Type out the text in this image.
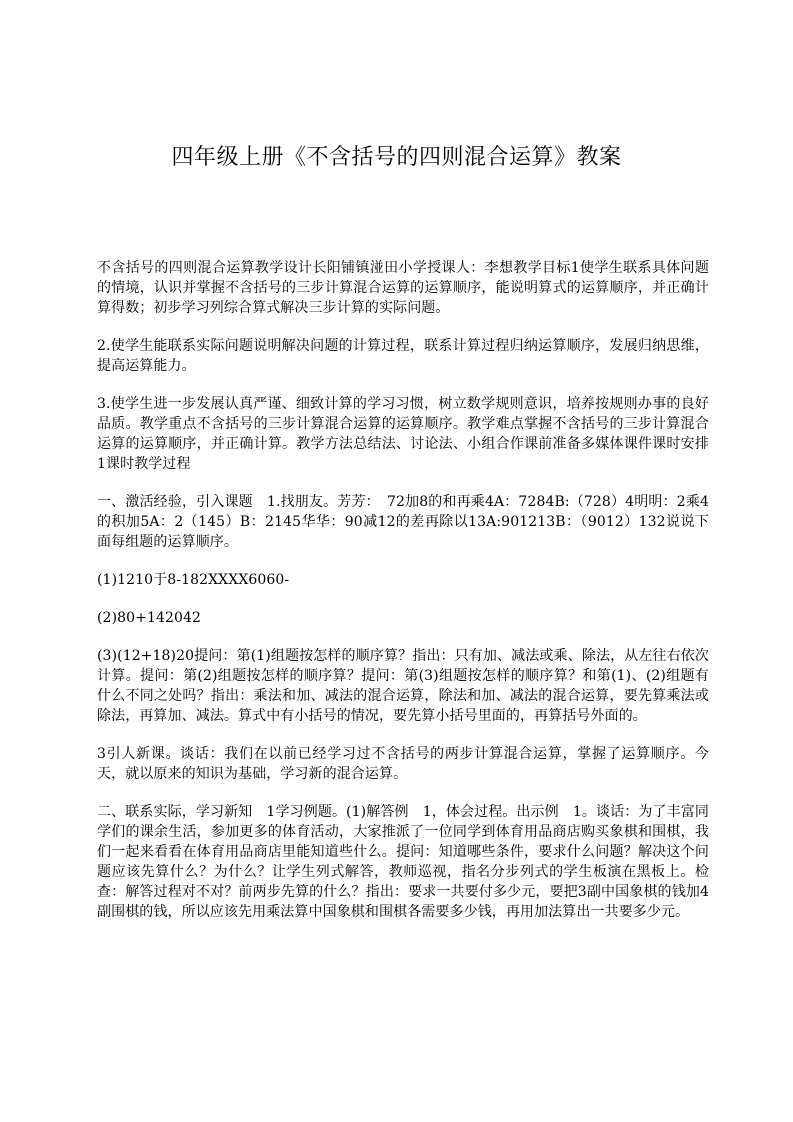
四年级上册《不含括号的四则混合运算》教案

不含括号的四则混合运算教学设计长阳铺镇湴田小学授课人：李想教学目标1使学生联系具体问题的情境，认识并掌握不含括号的三步计算混合运算的运算顺序，能说明算式的运算顺序，并正确计算得数；初步学习列综合算式解决三步计算的实际问题。

2.使学生能联系实际问题说明解决问题的计算过程，联系计算过程归纳运算顺序，发展归纳思维，提高运算能力。

3.使学生进一步发展认真严谨、细致计算的学习习惯，树立数学规则意识，培养按规则办事的良好品质。教学重点不含括号的三步计算混合运算的运算顺序。教学难点掌握不含括号的三步计算混合运算的运算顺序，并正确计算。教学方法总结法、讨论法、小组合作课前准备多媒体课件课时安排1课时教学过程

一、激活经验，引入课题　1.找朋友。芳芳：　72加8的和再乘4A：7284B:（728）4明明：2乘4的积加5A：2（145）B：2145华华：90减12的差再除以13A:901213B：（9012）132说说下面每组题的运算顺序。

(1)1210于8-182XXXX6060-

(2)80+142042

(3)(12+18)20提问：第(1)组题按怎样的顺序算？指出：只有加、减法或乘、除法，从左往右依次计算。提问：第(2)组题按怎样的顺序算？提问：第(3)组题按怎样的顺序算？和第(1)、(2)组题有什么不同之处吗？指出：乘法和加、减法的混合运算，除法和加、减法的混合运算，要先算乘法或除法，再算加、减法。算式中有小括号的情况，要先算小括号里面的，再算括号外面的。

3引人新课。谈话：我们在以前已经学习过不含括号的两步计算混合运算，掌握了运算顺序。今天，就以原来的知识为基础，学习新的混合运算。

二、联系实际，学习新知　1学习例题。(1)解答例　1，体会过程。出示例　1。谈话：为了丰富同学们的课余生活，参加更多的体育活动，大家推派了一位同学到体育用品商店购买象棋和围棋，我们一起来看看在体育用品商店里能知道些什么。提问：知道哪些条件，要求什么问题？解决这个问题应该先算什么？为什么？让学生列式解答，教师巡视，指名分步列式的学生板演在黑板上。检查：解答过程对不对？前两步先算的什么？指出：要求一共要付多少元，要把3副中国象棋的钱加4副围棋的钱，所以应该先用乘法算中国象棋和围棋各需要多少钱，再用加法算出一共要多少元。
